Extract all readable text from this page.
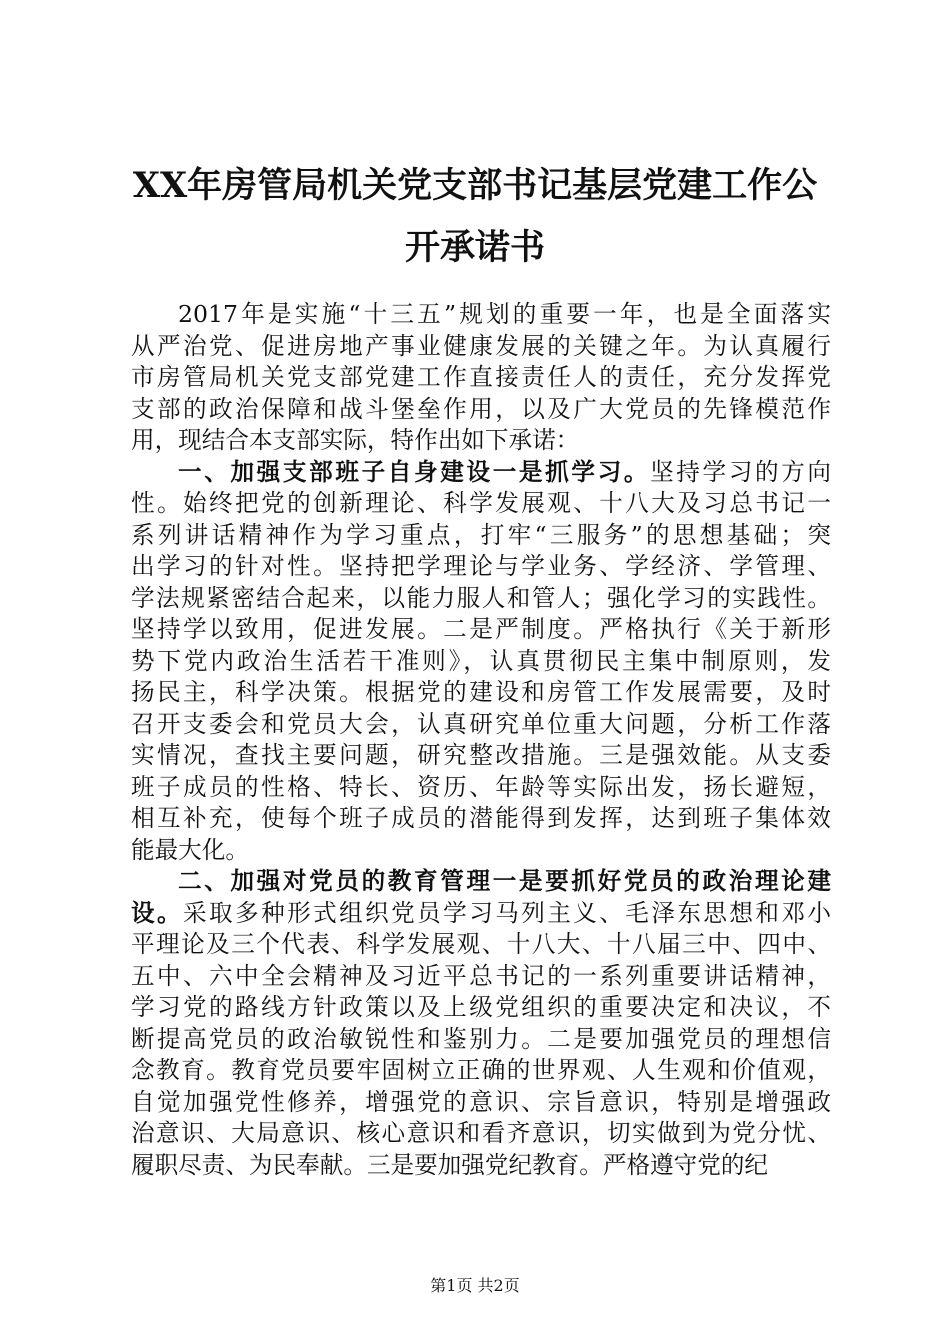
XX年房管局机关党支部书记基层党建工作公
开承诺书
2017年是实施“十三五”规划的重要一年，也是全面落实
从严治党、促进房地产事业健康发展的关键之年。为认真履行
市房管局机关党支部党建工作直接责任人的责任，充分发挥党
支部的政治保障和战斗堡垒作用，以及广大党员的先锋模范作
用，现结合本支部实际，特作出如下承诺：
一、加强支部班子自身建设一是抓学习。坚持学习的方向
性。始终把党的创新理论、科学发展观、十八大及习总书记一
系列讲话精神作为学习重点，打牢“三服务”的思想基础；突
出学习的针对性。坚持把学理论与学业务、学经济、学管理、
学法规紧密结合起来，以能力服人和管人；强化学习的实践性。
坚持学以致用，促进发展。二是严制度。严格执行《关于新形
势下党内政治生活若干准则》，认真贯彻民主集中制原则，发
扬民主，科学决策。根据党的建设和房管工作发展需要，及时
召开支委会和党员大会，认真研究单位重大问题，分析工作落
实情况，查找主要问题，研究整改措施。三是强效能。从支委
班子成员的性格、特长、资历、年龄等实际出发，扬长避短，
相互补充，使每个班子成员的潜能得到发挥，达到班子集体效
能最大化。
二、加强对党员的教育管理一是要抓好党员的政治理论建
设。采取多种形式组织党员学习马列主义、毛泽东思想和邓小
平理论及三个代表、科学发展观、十八大、十八届三中、四中、
五中、六中全会精神及习近平总书记的一系列重要讲话精神，
学习党的路线方针政策以及上级党组织的重要决定和决议，不
断提高党员的政治敏锐性和鉴别力。二是要加强党员的理想信
念教育。教育党员要牢固树立正确的世界观、人生观和价值观，
自觉加强党性修养，增强党的意识、宗旨意识，特别是增强政
治意识、大局意识、核心意识和看齐意识，切实做到为党分忧、
履职尽责、为民奉献。三是要加强党纪教育。严格遵守党的纪
第1页 共2页
